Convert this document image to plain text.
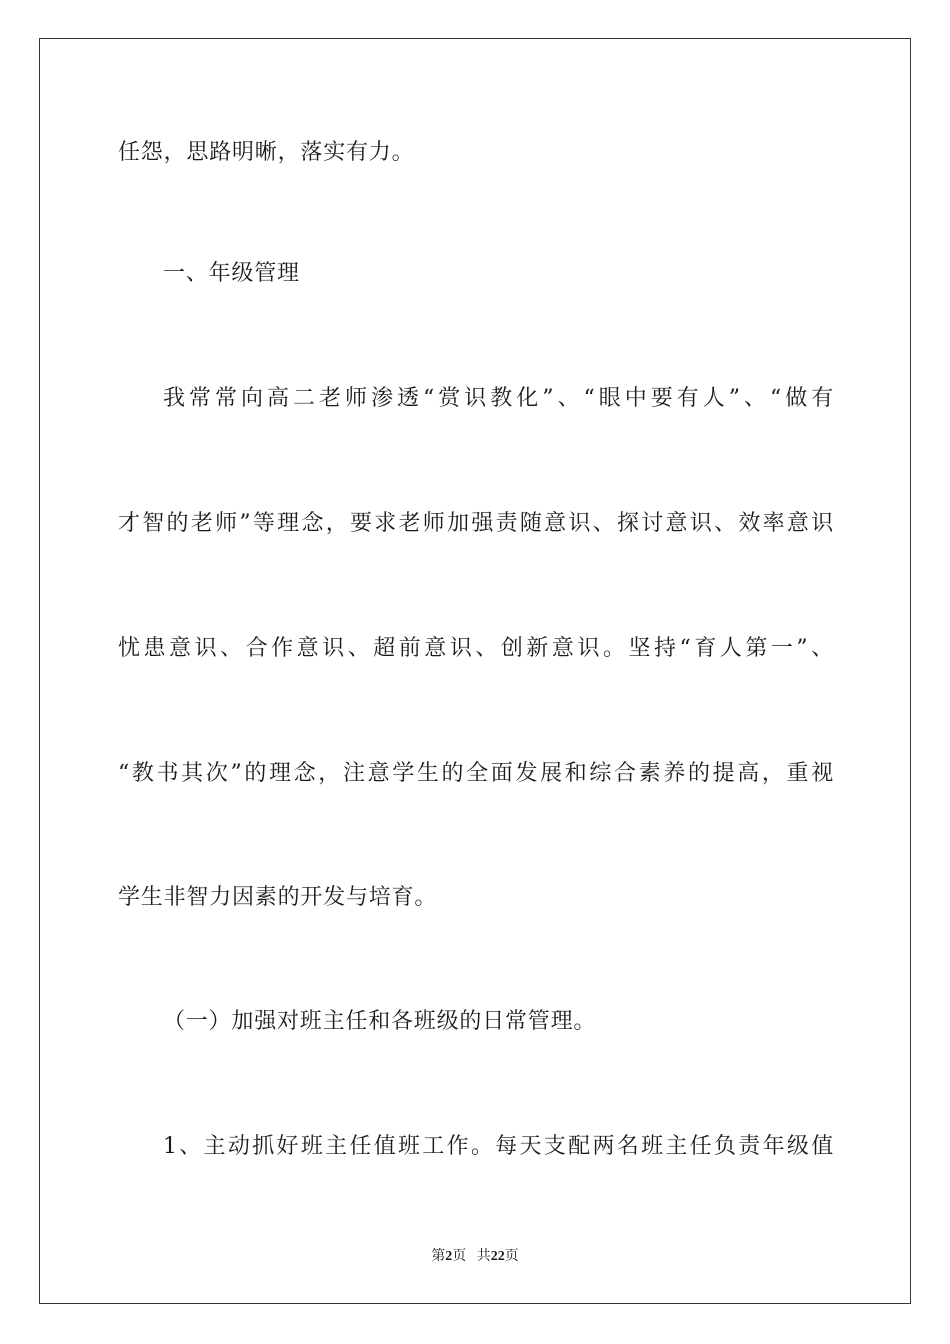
任怨，思路明晰，落实有力。
一、年级管理
我常常向高二老师渗透“赏识教化”、“眼中要有人”、“做有
才智的老师”等理念，要求老师加强责随意识、探讨意识、效率意识
忧患意识、合作意识、超前意识、创新意识。坚持“育人第一”、
“教书其次”的理念，注意学生的全面发展和综合素养的提高，重视
学生非智力因素的开发与培育。
（一）加强对班主任和各班级的日常管理。
1、主动抓好班主任值班工作。每天支配两名班主任负责年级值
第2页 共22页
